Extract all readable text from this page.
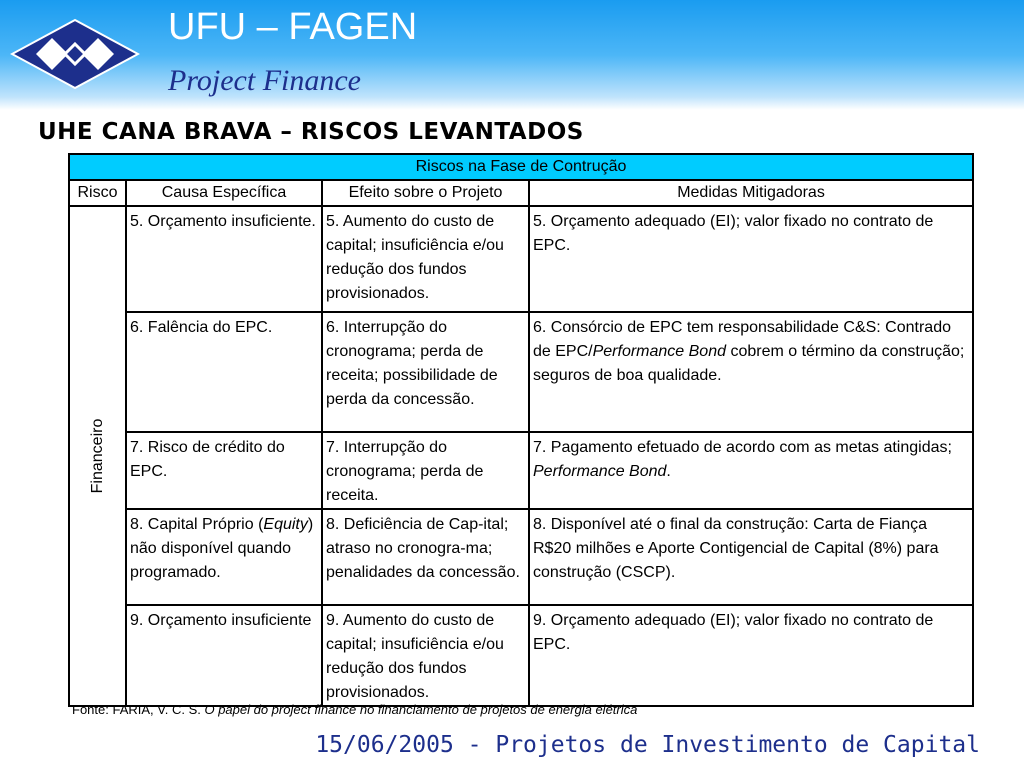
UFU – FAGEN
Project Finance
UHE CANA BRAVA – RISCOS LEVANTADOS
Riscos na Fase de Contrução			
Risco	Causa Específica	Efeito sobre o Projeto	Medidas Mitigadoras

Financeiro	5. Orçamento insuficiente.	5. Aumento do custo de capital; insuficiência e/ou redução dos fundos provisionados.	5. Orçamento adequado (EI); valor fixado no contrato de EPC.
	6. Falência do EPC.	6. Interrupção do cronograma; perda de receita; possibilidade de perda da concessão.	6. Consórcio de EPC tem responsabilidade C&S: Contrado de EPC/Performance Bond cobrem o término da construção; seguros de boa qualidade.
	7. Risco de crédito do EPC.	7. Interrupção do cronograma; perda de receita.	7. Pagamento efetuado de acordo com as metas atingidas; Performance Bond.
	8. Capital Próprio (Equity) não disponível quando programado.	8. Deficiência de Cap-ital; atraso no cronogra-ma; penalidades da concessão.	8. Disponível até o final da construção: Carta de Fiança R$20 milhões e Aporte Contigencial de Capital (8%) para construção (CSCP).
	9. Orçamento insuficiente	9. Aumento do custo de capital; insuficiência e/ou redução dos fundos provisionados.	9. Orçamento adequado (EI); valor fixado no contrato de EPC.
Fonte: FARIA, V. C. S. O papel do project finance no financiamento de projetos de energia elétrica
15/06/2005 - Projetos de Investimento de Capital
